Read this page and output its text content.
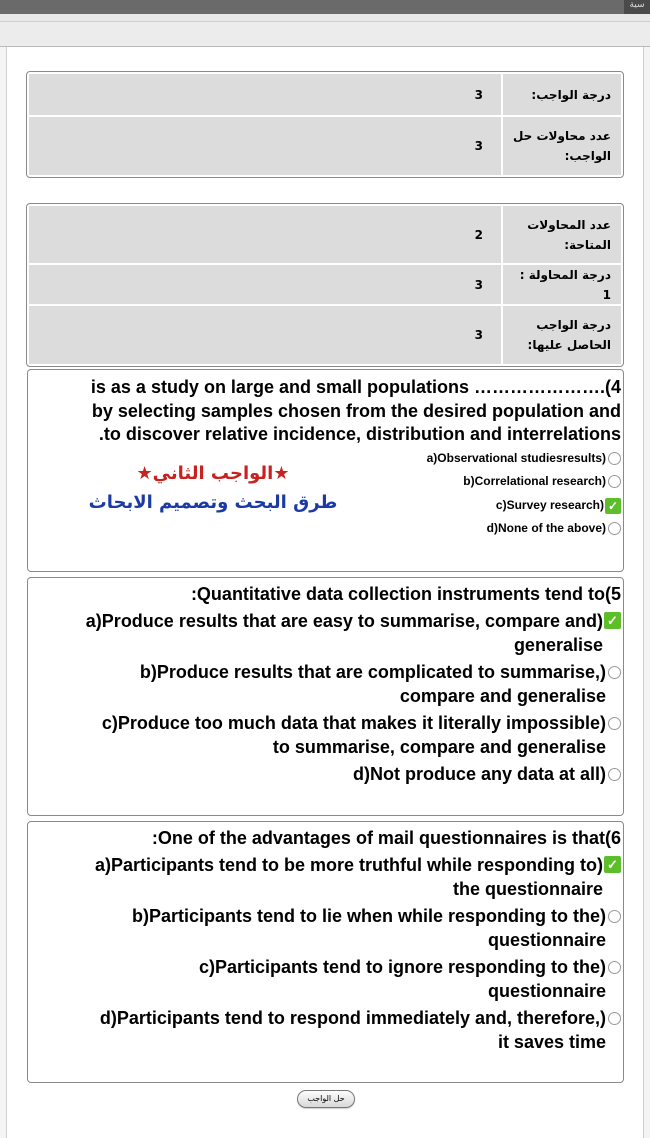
سية
درجة الواجب:
3
عدد محاولات حل الواجب:
3
عدد المحاولات المتاحة:
2
درجة المحاولة : 1
3
درجة الواجب الحاصل عليها:
3
is as a study on large and small populations ………………….(4
by selecting samples chosen from the desired population and
.to discover relative incidence, distribution and interrelations
a)Observational studiesresults)
b)Correlational research)
c)Survey research) ✓
d)None of the above)
★الواجب الثاني★
طرق البحث وتصميم الابحاث
:Quantitative data collection instruments tend to(5
a)Produce results that are easy to summarise, compare and)
generalise
✓
b)Produce results that are complicated to summarise,)
compare and generalise
c)Produce too much data that makes it literally impossible)
to summarise, compare and generalise
d)Not produce any data at all)
:One of the advantages of mail questionnaires is that(6
a)Participants tend to be more truthful while responding to)
the questionnaire
✓
b)Participants tend to lie when while responding to the)
questionnaire
c)Participants tend to ignore responding to the)
questionnaire
d)Participants tend to respond immediately and, therefore,)
it saves time
حل الواجب
